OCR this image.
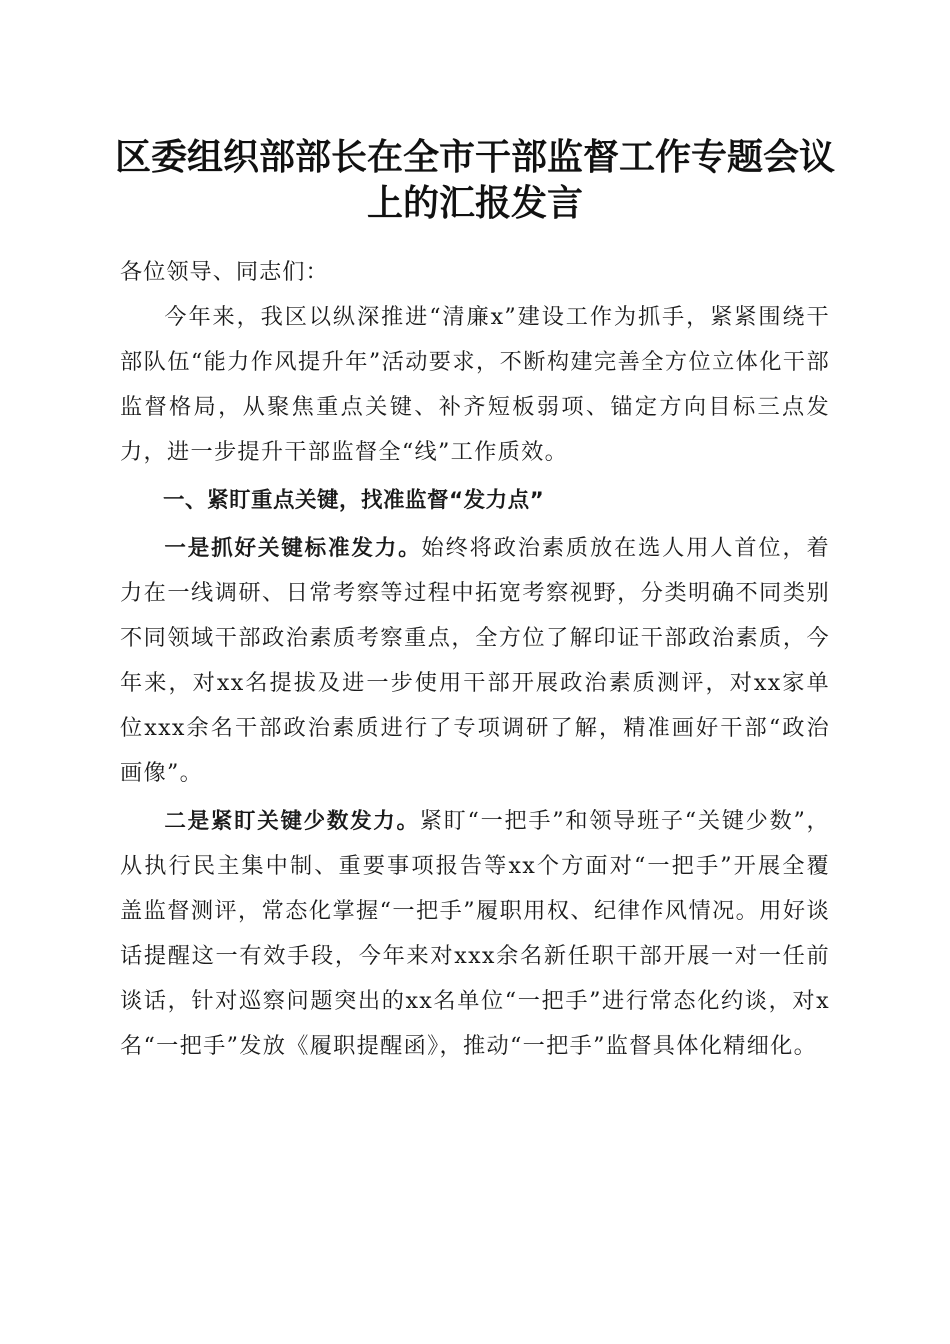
区委组织部部长在全市干部监督工作专题会议
上的汇报发言

各位领导、同志们：

今年来，我区以纵深推进“清廉x”建设工作为抓手，紧紧围绕干部队伍“能力作风提升年”活动要求，不断构建完善全方位立体化干部监督格局，从聚焦重点关键、补齐短板弱项、锚定方向目标三点发力，进一步提升干部监督全“线”工作质效。

一、紧盯重点关键，找准监督“发力点”

一是抓好关键标准发力。始终将政治素质放在选人用人首位，着力在一线调研、日常考察等过程中拓宽考察视野，分类明确不同类别不同领域干部政治素质考察重点，全方位了解印证干部政治素质，今年来，对xx名提拔及进一步使用干部开展政治素质测评，对xx家单位xxx余名干部政治素质进行了专项调研了解，精准画好干部“政治画像”。

二是紧盯关键少数发力。紧盯“一把手”和领导班子“关键少数”，从执行民主集中制、重要事项报告等xx个方面对“一把手”开展全覆盖监督测评，常态化掌握“一把手”履职用权、纪律作风情况。用好谈话提醒这一有效手段，今年来对xxx余名新任职干部开展一对一任前谈话，针对巡察问题突出的xx名单位“一把手”进行常态化约谈，对x名“一把手”发放《履职提醒函》，推动“一把手”监督具体化精细化。
